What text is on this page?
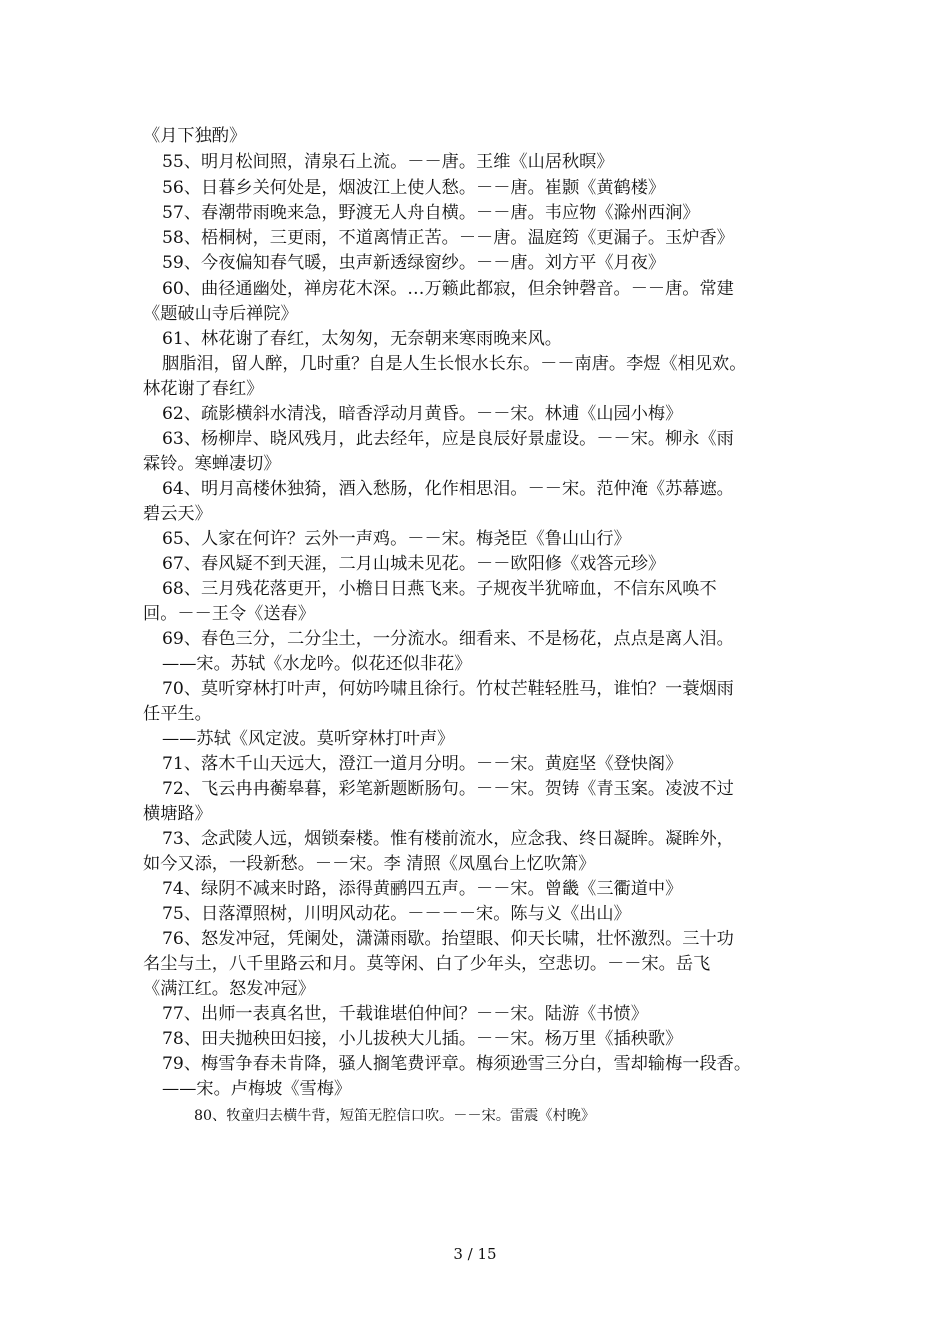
《月下独酌》
55、明月松间照，清泉石上流。－－唐。王维《山居秋暝》
56、日暮乡关何处是，烟波江上使人愁。－－唐。崔颢《黄鹤楼》
57、春潮带雨晚来急，野渡无人舟自横。－－唐。韦应物《滁州西涧》
58、梧桐树，三更雨，不道离情正苦。－－唐。温庭筠《更漏子。玉炉香》
59、今夜偏知春气暖，虫声新透绿窗纱。－－唐。刘方平《月夜》
60、曲径通幽处，禅房花木深。…万籁此都寂，但余钟磬音。－－唐。常建
《题破山寺后禅院》
61、林花谢了春红，太匆匆，无奈朝来寒雨晚来风。
胭脂泪，留人醉，几时重？自是人生长恨水长东。－－南唐。李煜《相见欢。
林花谢了春红》
62、疏影横斜水清浅，暗香浮动月黄昏。－－宋。林逋《山园小梅》
63、杨柳岸、晓风残月，此去经年，应是良辰好景虚设。－－宋。柳永《雨
霖铃。寒蝉凄切》
64、明月高楼休独猗，酒入愁肠，化作相思泪。－－宋。范仲淹《苏幕遮。
碧云天》
65、人家在何许？云外一声鸡。－－宋。梅尧臣《鲁山山行》
67、春风疑不到天涯，二月山城未见花。－－欧阳修《戏答元珍》
68、三月残花落更开，小檐日日燕飞来。子规夜半犹啼血，不信东风唤不
回。－－王令《送春》
69、春色三分，二分尘土，一分流水。细看来、不是杨花，点点是离人泪。
——宋。苏轼《水龙吟。似花还似非花》
70、莫听穿林打叶声，何妨吟啸且徐行。竹杖芒鞋轻胜马，谁怕？一蓑烟雨
任平生。
——苏轼《风定波。莫听穿林打叶声》
71、落木千山天远大，澄江一道月分明。－－宋。黄庭坚《登快阁》
72、飞云冉冉蘅皋暮，彩笔新题断肠句。－－宋。贺铸《青玉案。凌波不过
横塘路》
73、念武陵人远，烟锁秦楼。惟有楼前流水，应念我、终日凝眸。凝眸外，
如今又添，一段新愁。－－宋。李 清照《凤凰台上忆吹箫》
74、绿阴不减来时路，添得黄鹂四五声。－－宋。曾畿《三衢道中》
75、日落潭照树，川明风动花。－－－－宋。陈与义《出山》
76、怒发冲冠，凭阑处，潇潇雨歇。抬望眼、仰天长啸，壮怀激烈。三十功
名尘与土，八千里路云和月。莫等闲、白了少年头，空悲切。－－宋。岳飞
《满江红。怒发冲冠》
77、出师一表真名世，千载谁堪伯仲间？－－宋。陆游《书愤》
78、田夫抛秧田妇接，小儿拔秧大儿插。－－宋。杨万里《插秧歌》
79、梅雪争春未肯降，骚人搁笔费评章。梅须逊雪三分白，雪却输梅一段香。
——宋。卢梅坡《雪梅》
80、牧童归去横牛背，短笛无腔信口吹。－－宋。雷震《村晚》
3 / 15
